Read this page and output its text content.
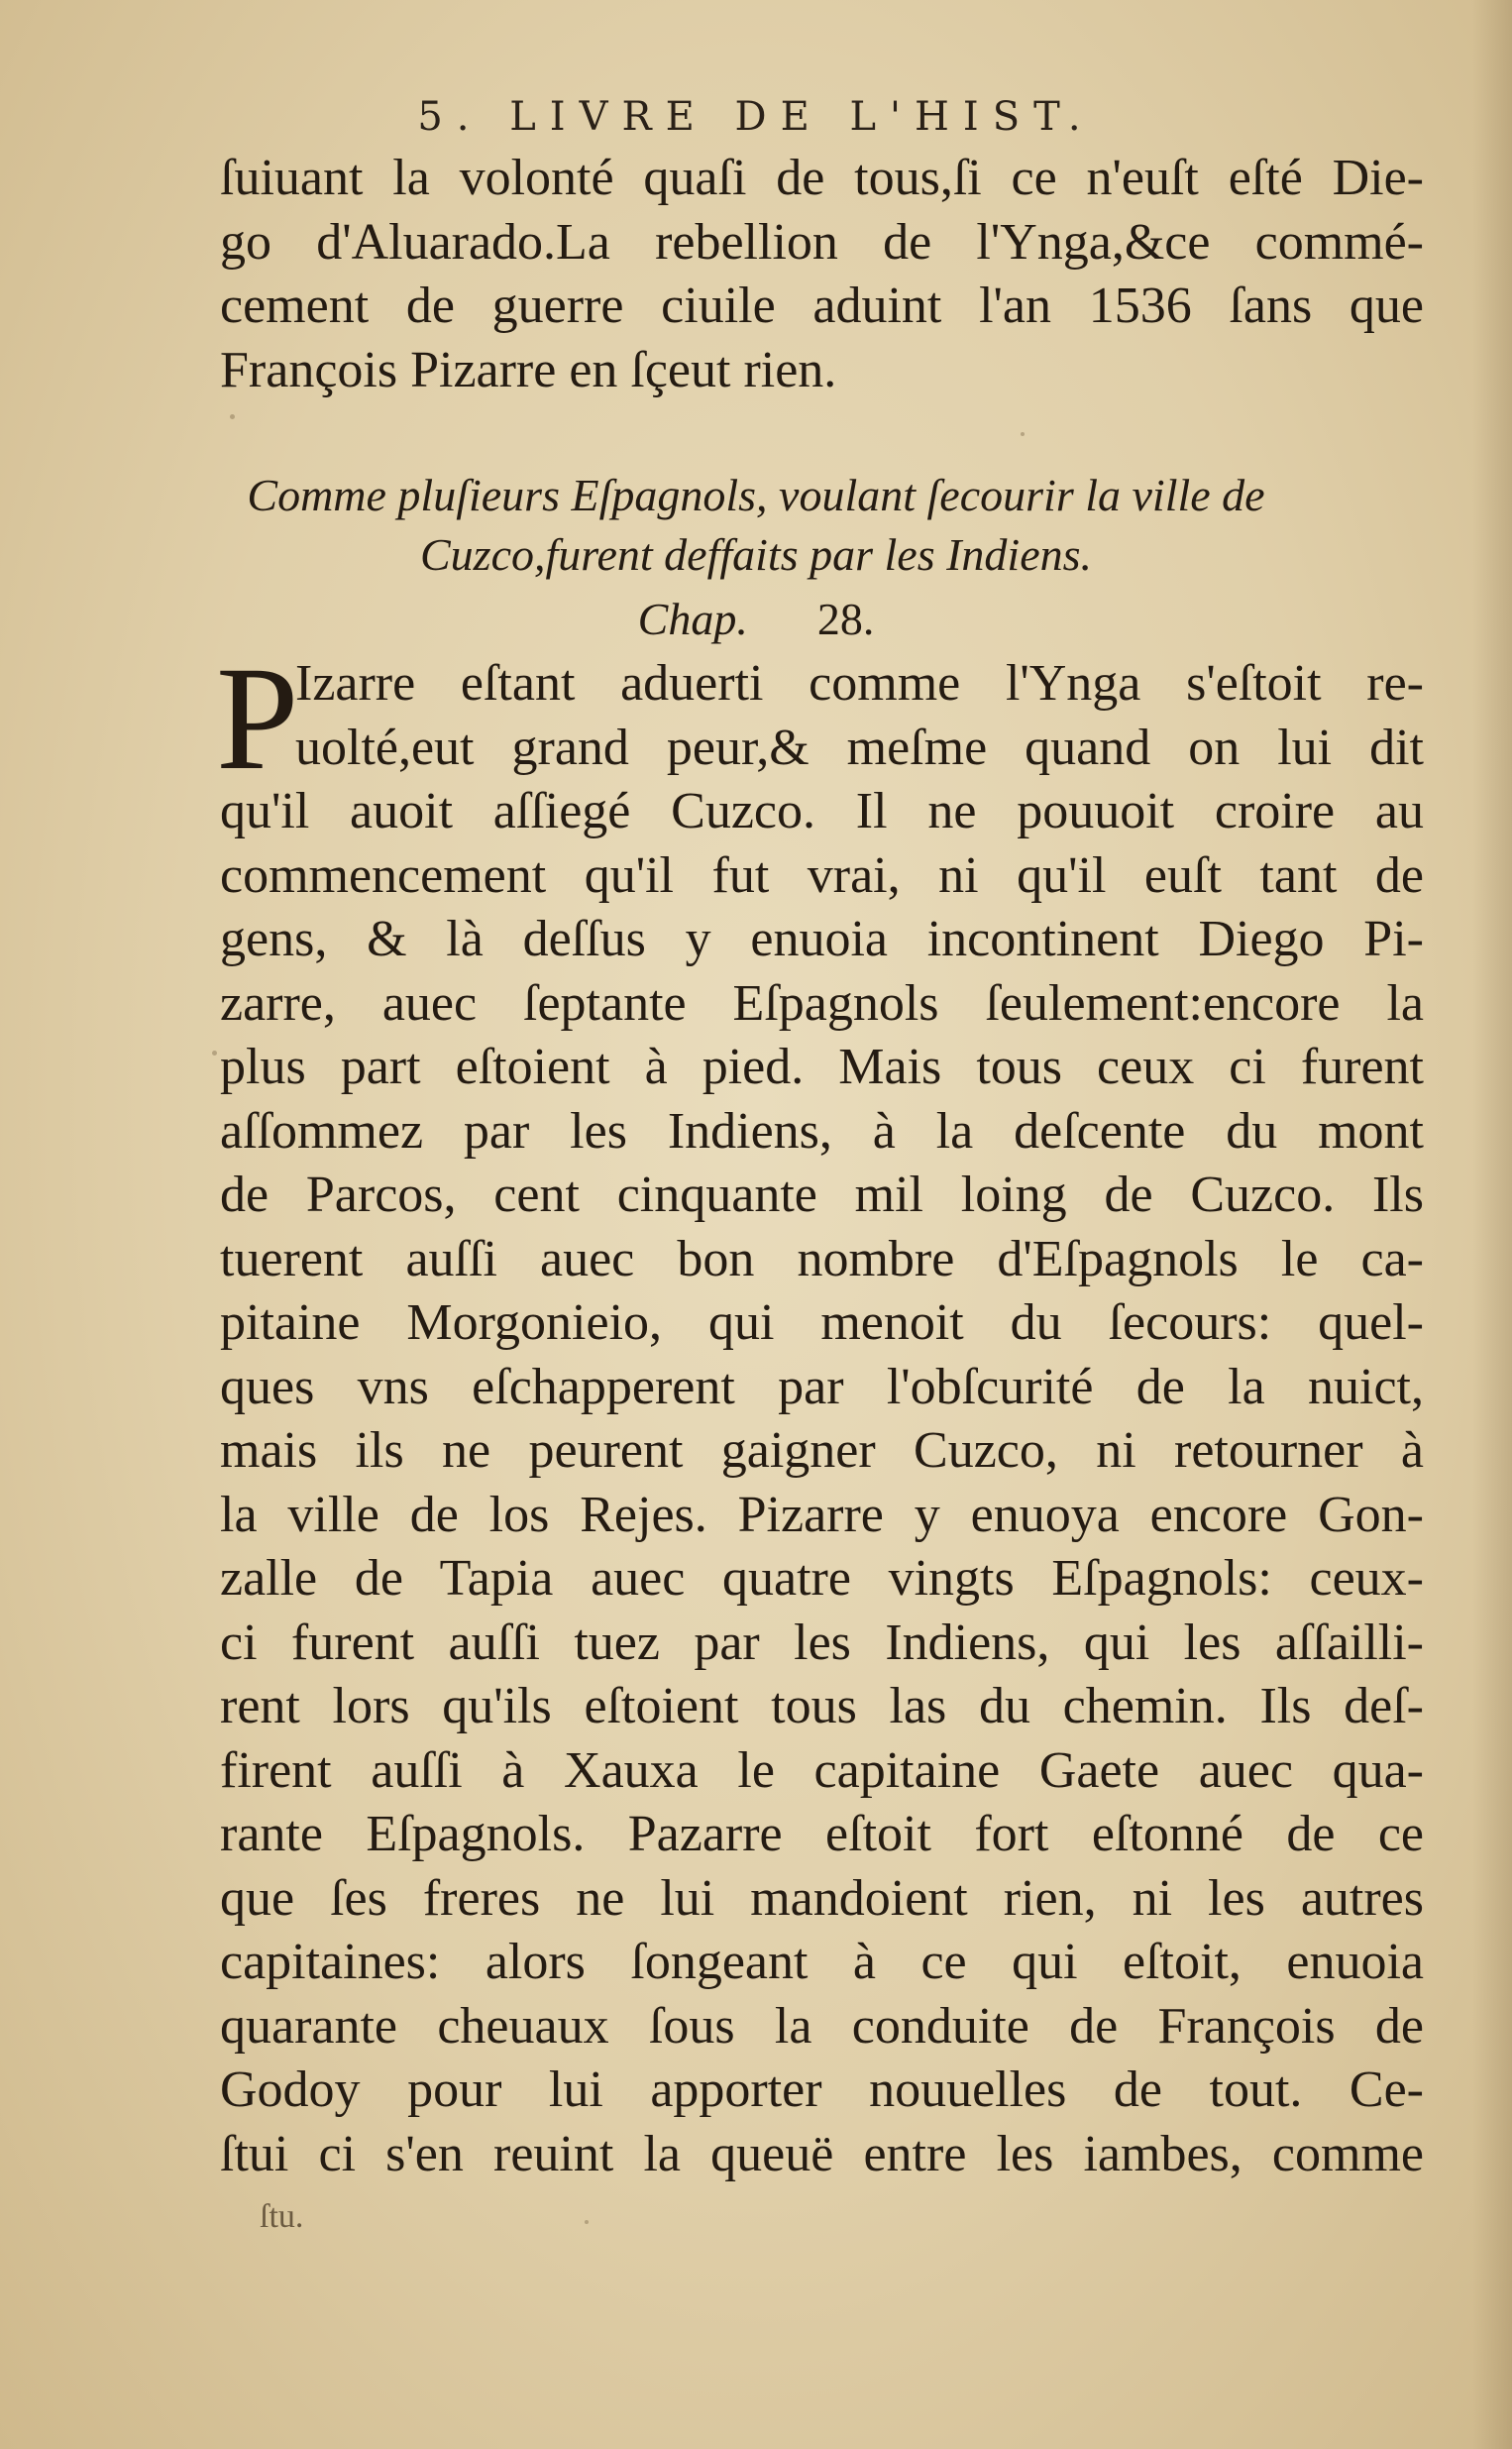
5. LIVRE DE L'HIST.
ſuiuant la volonté quaſi de tous,ſi ce n'euſt eſté Die-
go d'Aluarado.La rebellion de l'Ynga,&ce commé-
cement de guerre ciuile aduint l'an 1536 ſans que
François Pizarre en ſçeut rien.
Comme pluſieurs Eſpagnols, voulant ſecourir la ville de
Cuzco,furent deffaits par les Indiens.
Chap. 28.
P
Izarre eſtant aduerti comme l'Ynga s'eſtoit re-
uolté,eut grand peur,& meſme quand on lui dit
qu'il auoit aſſiegé Cuzco. Il ne pouuoit croire au
commencement qu'il fut vrai, ni qu'il euſt tant de
gens, & là deſſus y enuoia incontinent Diego Pi-
zarre, auec ſeptante Eſpagnols ſeulement:encore la
plus part eſtoient à pied. Mais tous ceux ci furent
aſſommez par les Indiens, à la deſcente du mont
de Parcos, cent cinquante mil loing de Cuzco. Ils
tuerent auſſi auec bon nombre d'Eſpagnols le ca-
pitaine Morgonieio, qui menoit du ſecours: quel-
ques vns eſchapperent par l'obſcurité de la nuict,
mais ils ne peurent gaigner Cuzco, ni retourner à
la ville de los Rejes. Pizarre y enuoya encore Gon-
zalle de Tapia auec quatre vingts Eſpagnols: ceux-
ci furent auſſi tuez par les Indiens, qui les aſſailli-
rent lors qu'ils eſtoient tous las du chemin. Ils deſ-
firent auſſi à Xauxa le capitaine Gaete auec qua-
rante Eſpagnols. Pazarre eſtoit fort eſtonné de ce
que ſes freres ne lui mandoient rien, ni les autres
capitaines: alors ſongeant à ce qui eſtoit, enuoia
quarante cheuaux ſous la conduite de François de
Godoy pour lui apporter nouuelles de tout. Ce-
ſtui ci s'en reuint la queuë entre les iambes, comme
ſtu.
